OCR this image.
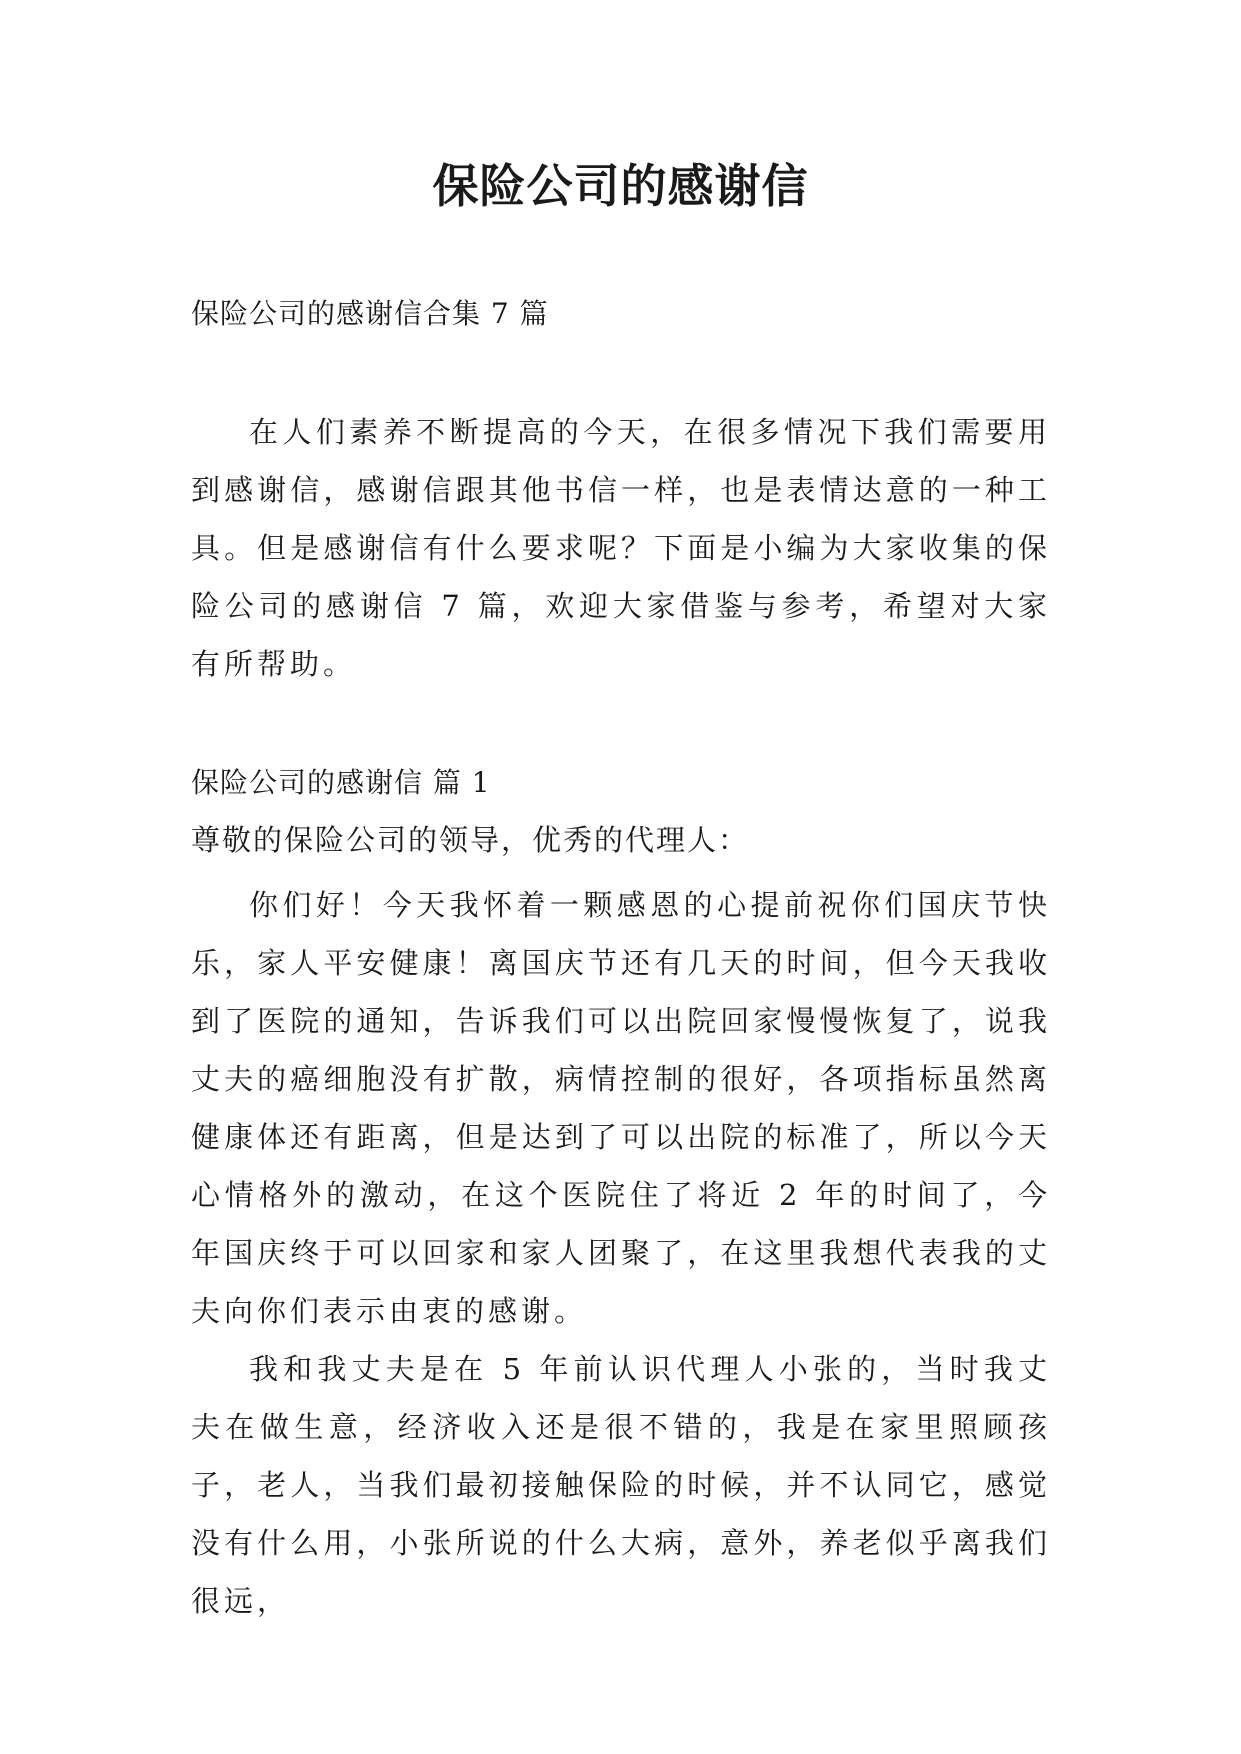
保险公司的感谢信
保险公司的感谢信合集 7 篇

在人们素养不断提高的今天，在很多情况下我们需要用到感谢信，感谢信跟其他书信一样，也是表情达意的一种工具。但是感谢信有什么要求呢？下面是小编为大家收集的保险公司的感谢信 7 篇，欢迎大家借鉴与参考，希望对大家有所帮助。

保险公司的感谢信 篇 1
尊敬的保险公司的领导，优秀的代理人：

你们好！今天我怀着一颗感恩的心提前祝你们国庆节快乐，家人平安健康！离国庆节还有几天的时间，但今天我收到了医院的通知，告诉我们可以出院回家慢慢恢复了，说我丈夫的癌细胞没有扩散，病情控制的很好，各项指标虽然离健康体还有距离，但是达到了可以出院的标准了，所以今天心情格外的激动，在这个医院住了将近 2 年的时间了，今年国庆终于可以回家和家人团聚了，在这里我想代表我的丈夫向你们表示由衷的感谢。

我和我丈夫是在 5 年前认识代理人小张的，当时我丈夫在做生意，经济收入还是很不错的，我是在家里照顾孩子，老人，当我们最初接触保险的时候，并不认同它，感觉没有什么用，小张所说的什么大病，意外，养老似乎离我们很远，
